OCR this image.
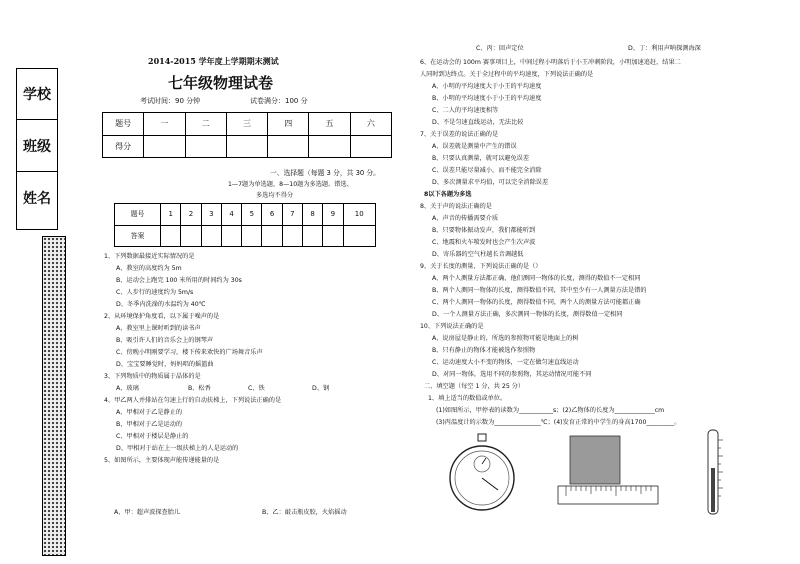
2014-2015 学年度上学期期末测试
七年级物理试卷
考试时间：90 分钟	试卷满分：100 分
学校
班级
姓名
题号	一	二	三	四	五	六
得分						
一、选择题（每题 3 分，共 30 分。
1—7题为单选题，8—10题为多选题。错选、
多选均不得分
题号	1	2	3	4	5	6	7	8	9	10
答案										
1、下列数据最接近实际情况的是
A、教室的高度约为 5m
B、运动会上跑完 100 米所用的时间约为 30s
C、人步行的速度约为 5m/s
D、冬季内洗澡的水温约为 40℃
2、从环境保护角度看，以下属于噪声的是
A、教室里上课时听到的读书声
B、吸引许人们的音乐会上的钢琴声
C、傍晚小明刚要学习，楼下传来欢快的广场舞音乐声
D、宝宝要睡觉时，妈妈唱的摇篮曲
3、下列物质中的物质属于晶体的是
A、玻璃	B、松香	C、铁	D、钢
4、甲乙两人并排站在匀速上行的自动扶梯上，下列说法正确的是
A、甲相对于乙是静止的
B、甲相对于乙是运动的
C、甲相对于楼层是静止的
D、甲相对于站在上一级扶梯上的人是运动的
5、如图所示，主要体现声能传递能量的是
A、甲：超声波探查胎儿	B、乙：敲击瓶皮胶，火焰摇动
C、丙：回声定位	D、丁：利用声呐探测海深
6、在运动会的 100m 赛事项目上，中间过程小明落后于小王冲刺阶段，小明加速追赶，结果二
人同时到达终点。关于全过程中的平均速度，下列说法正确的是
A、小明的平均速度大于小王的平均速度
B、小明的平均速度小于小王的平均速度
C、二人的平均速度相等
D、不是匀速直线运动，无法比较
7、关于误差的说法正确的是
A、误差就是测量中产生的错误
B、只要认真测量，就可以避免误差
C、误差只能尽量减小，而不能完全消除
D、多次测量求平均值，可以完全消除误差
8以下各题为多选
8、关于声的说法正确的是
A、声音的传播需要介质
B、只要物体振动发声，我们都能听到
C、地震和火车喷发时也会产生次声波
D、寄乐器的空气柱越长音调越低
9、关于长度的测量，下列说法正确的是（）
A、两个人测量方法都正确，他们测同一物体的长度，测得的数值不一定相同
B、两个人测同一物体的长度，测得数值不同，其中至少有一人测量方法是错的
C、两个人测同一物体的长度，测得数值不同，两个人的测量方法可能都正确
D、一个人测量方法正确，多次测同一物体的长度，测得数值一定相同
10、下列说法正确的是
A、说房屋是静止的，所选的参照物可能是地面上的树
B、只有静止的物体才能被选作参照物
C、运动速度大小不变的物体，一定在做匀速直线运动
D、对同一物体，选用不同的参照物，其运动情况可能不同
二、填空题（每空 1 分，共 25 分）
1、填上适当的数值或单位。
(1)如图所示，甲停表的读数为___________s；(2)乙物体的长度为_____________cm
(3)丙温度计的示数为_______________℃；(4)发育正常的中学生的身高1700_________。
